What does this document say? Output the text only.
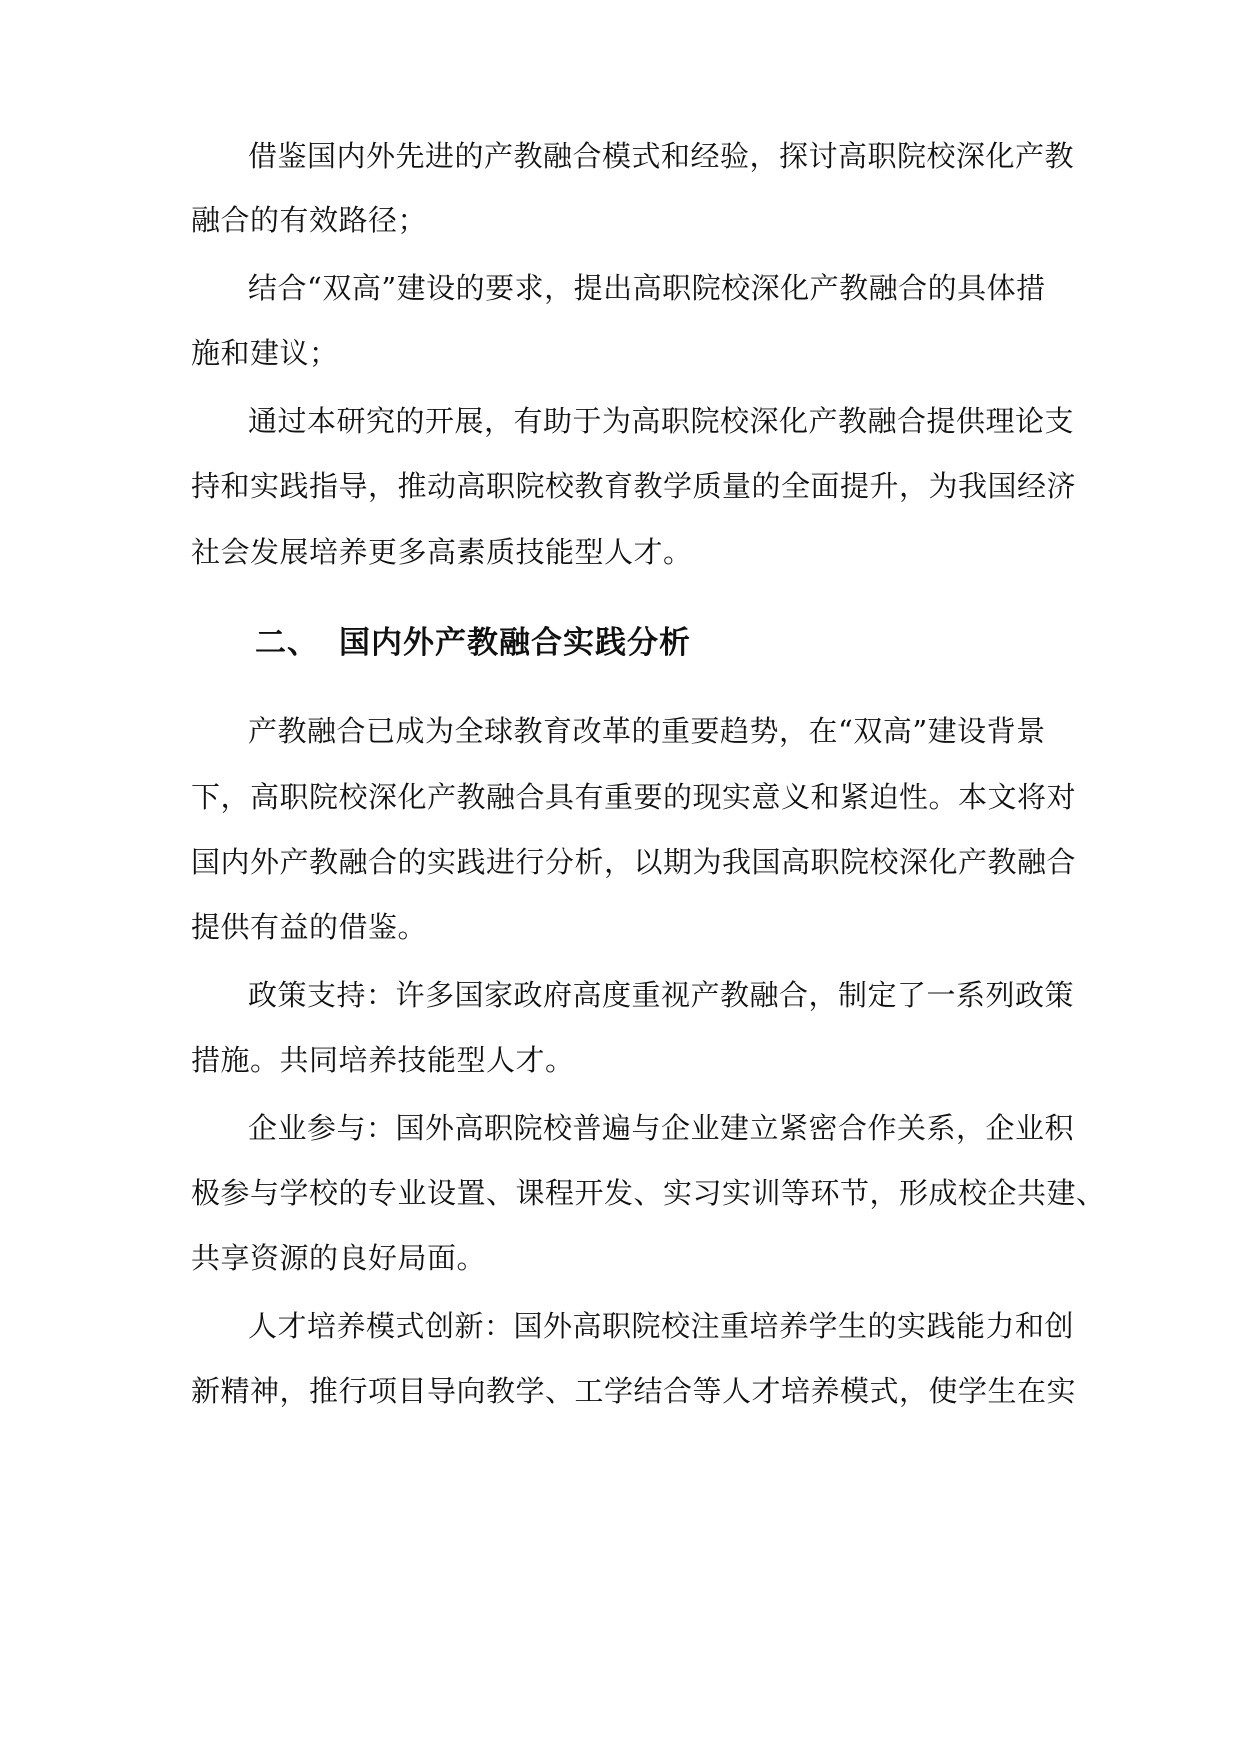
借鉴国内外先进的产教融合模式和经验，探讨高职院校深化产教
融合的有效路径；
结合“双高”建设的要求，提出高职院校深化产教融合的具体措
施和建议；
通过本研究的开展，有助于为高职院校深化产教融合提供理论支
持和实践指导，推动高职院校教育教学质量的全面提升，为我国经济
社会发展培养更多高素质技能型人才。
二、 国内外产教融合实践分析
产教融合已成为全球教育改革的重要趋势，在“双高”建设背景
下，高职院校深化产教融合具有重要的现实意义和紧迫性。本文将对
国内外产教融合的实践进行分析，以期为我国高职院校深化产教融合
提供有益的借鉴。
政策支持：许多国家政府高度重视产教融合，制定了一系列政策
措施。共同培养技能型人才。
企业参与：国外高职院校普遍与企业建立紧密合作关系，企业积
极参与学校的专业设置、课程开发、实习实训等环节，形成校企共建、
共享资源的良好局面。
人才培养模式创新：国外高职院校注重培养学生的实践能力和创
新精神，推行项目导向教学、工学结合等人才培养模式，使学生在实
